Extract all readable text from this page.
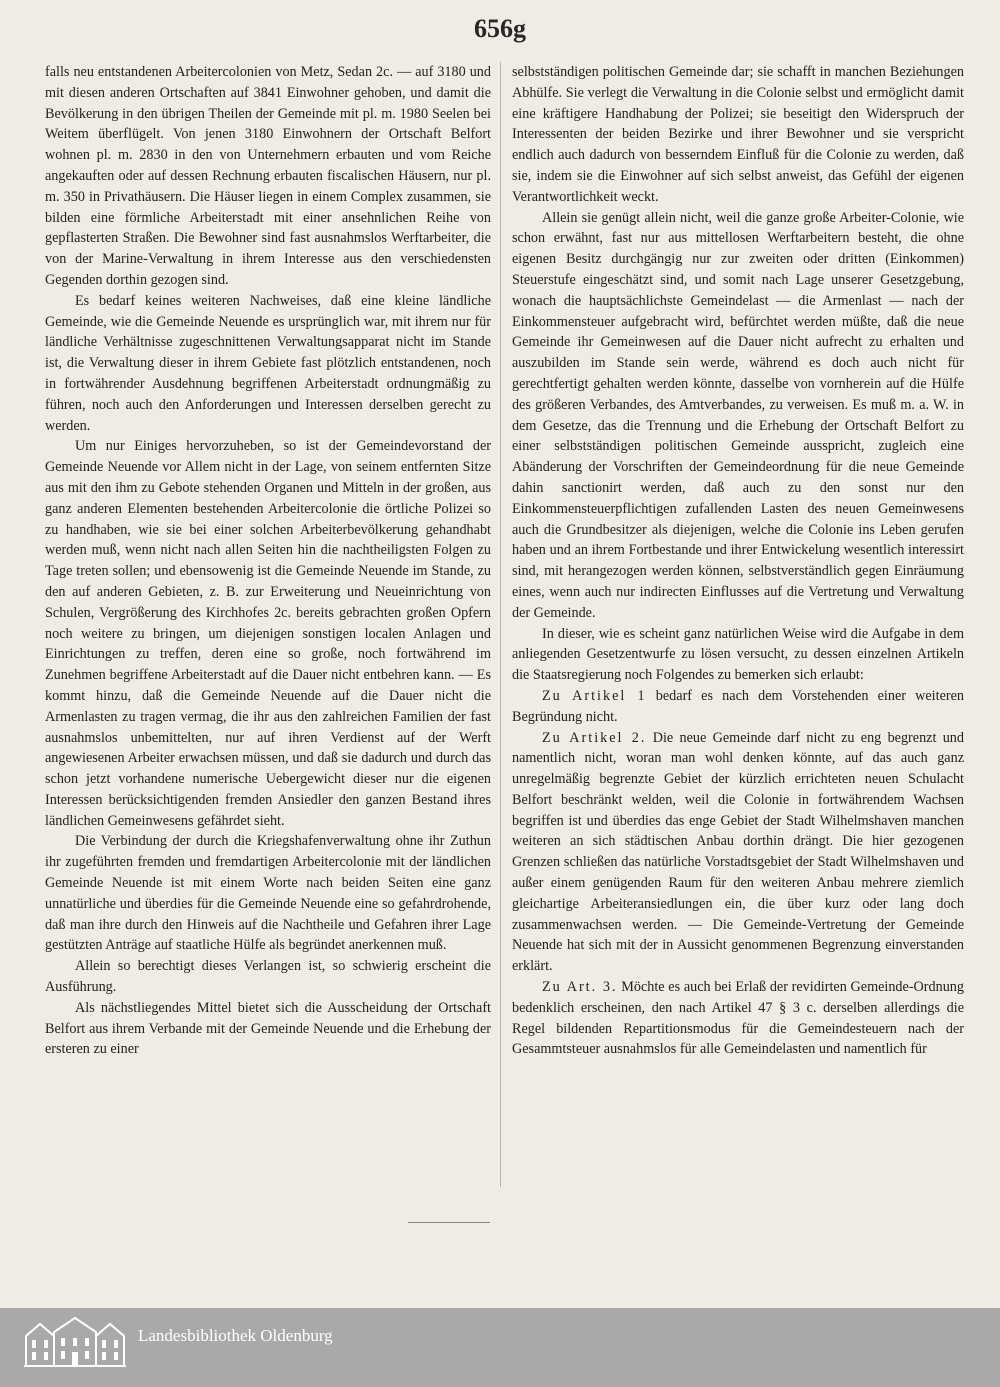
656g

falls neu entstandenen Arbeitercolonien von Metz, Sedan 2c. — auf 3180 und mit diesen anderen Ortschaften auf 3841 Einwohner gehoben, und damit die Bevölkerung in den übrigen Theilen der Gemeinde mit pl. m. 1980 Seelen bei Weitem überflügelt. Von jenen 3180 Einwohnern der Ortschaft Belfort wohnen pl. m. 2830 in den von Unternehmern erbauten und vom Reiche angekauften oder auf dessen Rechnung erbauten fiscalischen Häusern, nur pl. m. 350 in Privathäusern. Die Häuser liegen in einem Complex zusammen, sie bilden eine förmliche Arbeiterstadt mit einer ansehnlichen Reihe von gepflasterten Straßen. Die Bewohner sind fast ausnahmslos Werftarbeiter, die von der Marine-Verwaltung in ihrem Interesse aus den verschiedensten Gegenden dorthin gezogen sind.

Es bedarf keines weiteren Nachweises, daß eine kleine ländliche Gemeinde, wie die Gemeinde Neuende es ursprünglich war, mit ihrem nur für ländliche Verhältnisse zugeschnittenen Verwaltungsapparat nicht im Stande ist, die Verwaltung dieser in ihrem Gebiete fast plötzlich entstandenen, noch in fortwährender Ausdehnung begriffenen Arbeiterstadt ordnungmäßig zu führen, noch auch den Anforderungen und Interessen derselben gerecht zu werden.

Um nur Einiges hervorzuheben, so ist der Gemeindevorstand der Gemeinde Neuende vor Allem nicht in der Lage, von seinem entfernten Sitze aus mit den ihm zu Gebote stehenden Organen und Mitteln in der großen, aus ganz anderen Elementen bestehenden Arbeitercolonie die örtliche Polizei so zu handhaben, wie sie bei einer solchen Arbeiterbevölkerung gehandhabt werden muß, wenn nicht nach allen Seiten hin die nachtheiligsten Folgen zu Tage treten sollen; und ebensowenig ist die Gemeinde Neuende im Stande, zu den auf anderen Gebieten, z. B. zur Erweiterung und Neueinrichtung von Schulen, Vergrößerung des Kirchhofes 2c. bereits gebrachten großen Opfern noch weitere zu bringen, um diejenigen sonstigen localen Anlagen und Einrichtungen zu treffen, deren eine so große, noch fortwährend im Zunehmen begriffene Arbeiterstadt auf die Dauer nicht entbehren kann. — Es kommt hinzu, daß die Gemeinde Neuende auf die Dauer nicht die Armenlasten zu tragen vermag, die ihr aus den zahlreichen Familien der fast ausnahmslos unbemittelten, nur auf ihren Verdienst auf der Werft angewiesenen Arbeiter erwachsen müssen, und daß sie dadurch und durch das schon jetzt vorhandene numerische Uebergewicht dieser nur die eigenen Interessen berücksichtigenden fremden Ansiedler den ganzen Bestand ihres ländlichen Gemeinwesens gefährdet sieht.

Die Verbindung der durch die Kriegshafenverwaltung ohne ihr Zuthun ihr zugeführten fremden und fremdartigen Arbeitercolonie mit der ländlichen Gemeinde Neuende ist mit einem Worte nach beiden Seiten eine ganz unnatürliche und überdies für die Gemeinde Neuende eine so gefahrdrohende, daß man ihre durch den Hinweis auf die Nachtheile und Gefahren ihrer Lage gestützten Anträge auf staatliche Hülfe als begründet anerkennen muß.

Allein so berechtigt dieses Verlangen ist, so schwierig erscheint die Ausführung.

Als nächstliegendes Mittel bietet sich die Ausscheidung der Ortschaft Belfort aus ihrem Verbande mit der Gemeinde Neuende und die Erhebung der ersteren zu einer

selbstständigen politischen Gemeinde dar; sie schafft in manchen Beziehungen Abhülfe. Sie verlegt die Verwaltung in die Colonie selbst und ermöglicht damit eine kräftigere Handhabung der Polizei; sie beseitigt den Widerspruch der Interessenten der beiden Bezirke und ihrer Bewohner und sie verspricht endlich auch dadurch von besserndem Einfluß für die Colonie zu werden, daß sie, indem sie die Einwohner auf sich selbst anweist, das Gefühl der eigenen Verantwortlichkeit weckt.

Allein sie genügt allein nicht, weil die ganze große Arbeiter-Colonie, wie schon erwähnt, fast nur aus mittellosen Werftarbeitern besteht, die ohne eigenen Besitz durchgängig nur zur zweiten oder dritten (Einkommen) Steuerstufe eingeschätzt sind, und somit nach Lage unserer Gesetzgebung, wonach die hauptsächlichste Gemeindelast — die Armenlast — nach der Einkommensteuer aufgebracht wird, befürchtet werden müßte, daß die neue Gemeinde ihr Gemeinwesen auf die Dauer nicht aufrecht zu erhalten und auszubilden im Stande sein werde, während es doch auch nicht für gerechtfertigt gehalten werden könnte, dasselbe von vornherein auf die Hülfe des größeren Verbandes, des Amtverbandes, zu verweisen. Es muß m. a. W. in dem Gesetze, das die Trennung und die Erhebung der Ortschaft Belfort zu einer selbstständigen politischen Gemeinde ausspricht, zugleich eine Abänderung der Vorschriften der Gemeindeordnung für die neue Gemeinde dahin sanctionirt werden, daß auch zu den sonst nur den Einkommensteuerpflichtigen zufallenden Lasten des neuen Gemeinwesens auch die Grundbesitzer als diejenigen, welche die Colonie ins Leben gerufen haben und an ihrem Fortbestande und ihrer Entwickelung wesentlich interessirt sind, mit herangezogen werden können, selbstverständlich gegen Einräumung eines, wenn auch nur indirecten Einflusses auf die Vertretung und Verwaltung der Gemeinde.

In dieser, wie es scheint ganz natürlichen Weise wird die Aufgabe in dem anliegenden Gesetzentwurfe zu lösen versucht, zu dessen einzelnen Artikeln die Staatsregierung noch Folgendes zu bemerken sich erlaubt:

Zu Artikel 1 bedarf es nach dem Vorstehenden einer weiteren Begründung nicht.

Zu Artikel 2. Die neue Gemeinde darf nicht zu eng begrenzt und namentlich nicht, woran man wohl denken könnte, auf das auch ganz unregelmäßig begrenzte Gebiet der kürzlich errichteten neuen Schulacht Belfort beschränkt welden, weil die Colonie in fortwährendem Wachsen begriffen ist und überdies das enge Gebiet der Stadt Wilhelmshaven manchen weiteren an sich städtischen Anbau dorthin drängt. Die hier gezogenen Grenzen schließen das natürliche Vorstadtsgebiet der Stadt Wilhelmshaven und außer einem genügenden Raum für den weiteren Anbau mehrere ziemlich gleichartige Arbeiteransiedlungen ein, die über kurz oder lang doch zusammenwachsen werden. — Die Gemeinde-Vertretung der Gemeinde Neuende hat sich mit der in Aussicht genommenen Begrenzung einverstanden erklärt.

Zu Art. 3. Möchte es auch bei Erlaß der revidirten Gemeinde-Ordnung bedenklich erscheinen, den nach Artikel 47 § 3 c. derselben allerdings die Regel bildenden Repartitionsmodus für die Gemeindesteuern nach der Gesammtsteuer ausnahmslos für alle Gemeindelasten und namentlich für

Landesbibliothek Oldenburg
